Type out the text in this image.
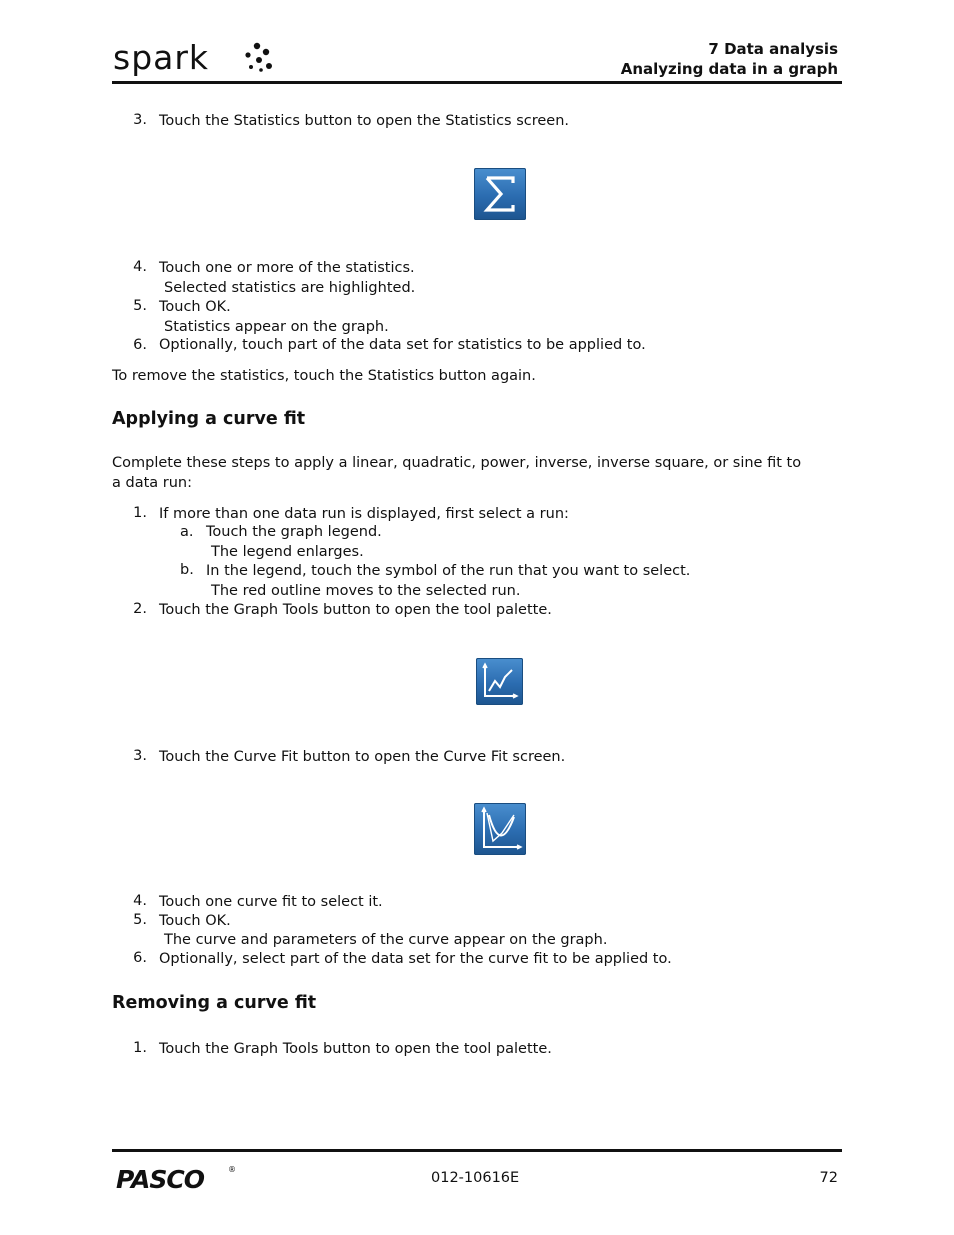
spark	™
7 Data analysis
Analyzing data in a graph
3. Touch the Statistics button to open the Statistics screen.
4. Touch one or more of the statistics.
Selected statistics are highlighted.
5. Touch OK.
Statistics appear on the graph.
6. Optionally, touch part of the data set for statistics to be applied to.
To remove the statistics, touch the Statistics button again.
Applying a curve fit
Complete these steps to apply a linear, quadratic, power, inverse, inverse square, or sine fit to
a data run:
1. If more than one data run is displayed, first select a run:
a. Touch the graph legend.
The legend enlarges.
b. In the legend, touch the symbol of the run that you want to select.
The red outline moves to the selected run.
2. Touch the Graph Tools button to open the tool palette.
3. Touch the Curve Fit button to open the Curve Fit screen.
4. Touch one curve fit to select it.
5. Touch OK.
The curve and parameters of the curve appear on the graph.
6. Optionally, select part of the data set for the curve fit to be applied to.
Removing a curve fit
1. Touch the Graph Tools button to open the tool palette.
PASCO	®
012-10616E	72
